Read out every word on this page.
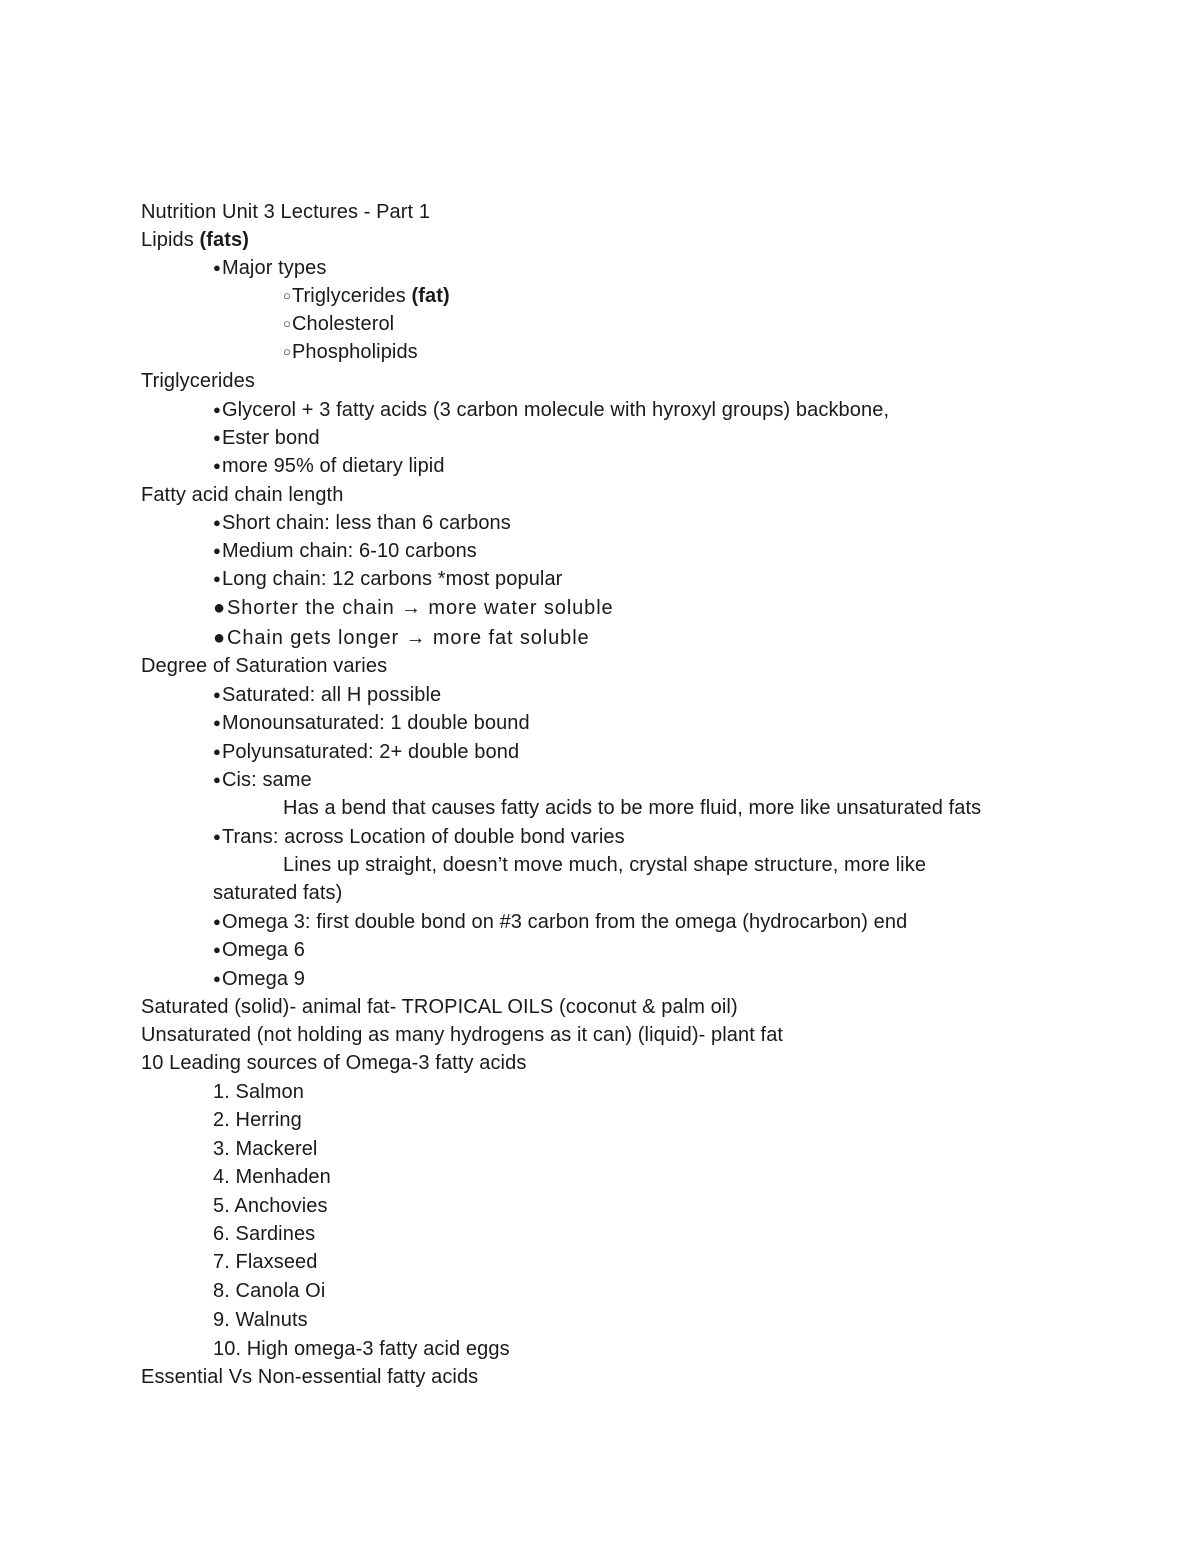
Nutrition Unit 3 Lectures - Part 1
Lipids (fats)
●Major types
○Triglycerides (fat)
○Cholesterol
○Phospholipids
Triglycerides
●Glycerol + 3 fatty acids (3 carbon molecule with hyroxyl groups) backbone,
●Ester bond
●more 95% of dietary lipid
Fatty acid chain length
●Short chain: less than 6 carbons
●Medium chain: 6-10 carbons
●Long chain: 12 carbons *most popular
●Shorter the chain → more water soluble
●Chain gets longer → more fat soluble
Degree of Saturation varies
●Saturated: all H possible
●Monounsaturated: 1 double bound
●Polyunsaturated: 2+ double bond
●Cis: same
Has a bend that causes fatty acids to be more fluid, more like unsaturated fats
●Trans: across Location of double bond varies
Lines up straight, doesn’t move much, crystal shape structure, more like
saturated fats)
●Omega 3: first double bond on #3 carbon from the omega (hydrocarbon) end
●Omega 6
●Omega 9
Saturated (solid)- animal fat- TROPICAL OILS (coconut & palm oil)
Unsaturated (not holding as many hydrogens as it can) (liquid)- plant fat
10 Leading sources of Omega-3 fatty acids
1. Salmon
2. Herring
3. Mackerel
4. Menhaden
5. Anchovies
6. Sardines
7. Flaxseed
8. Canola Oi
9. Walnuts
10. High omega-3 fatty acid eggs
Essential Vs Non-essential fatty acids
